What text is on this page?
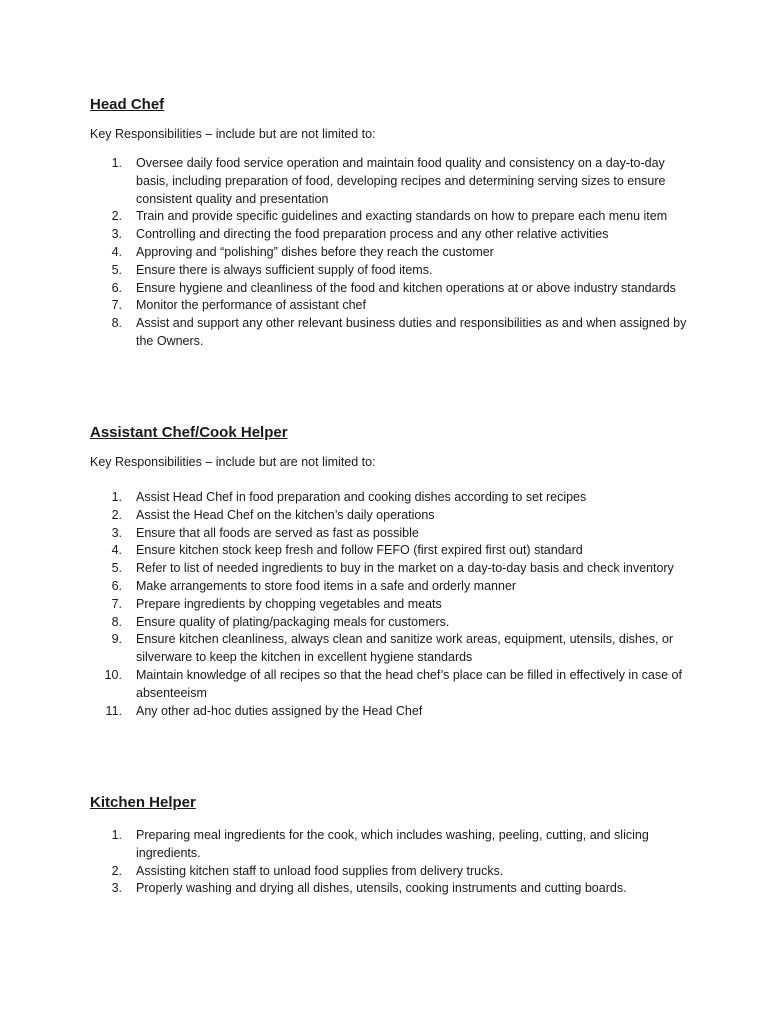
Head Chef

Key Responsibilities – include but are not limited to:

1. Oversee daily food service operation and maintain food quality and consistency on a day-to-day basis, including preparation of food, developing recipes and determining serving sizes to ensure consistent quality and presentation
2. Train and provide specific guidelines and exacting standards on how to prepare each menu item
3. Controlling and directing the food preparation process and any other relative activities
4. Approving and “polishing” dishes before they reach the customer
5. Ensure there is always sufficient supply of food items.
6. Ensure hygiene and cleanliness of the food and kitchen operations at or above industry standards
7. Monitor the performance of assistant chef
8. Assist and support any other relevant business duties and responsibilities as and when assigned by the Owners.
Assistant Chef/Cook Helper

Key Responsibilities – include but are not limited to:

1. Assist Head Chef in food preparation and cooking dishes according to set recipes
2. Assist the Head Chef on the kitchen’s daily operations
3. Ensure that all foods are served as fast as possible
4. Ensure kitchen stock keep fresh and follow FEFO (first expired first out) standard
5. Refer to list of needed ingredients to buy in the market on a day-to-day basis and check inventory
6. Make arrangements to store food items in a safe and orderly manner
7. Prepare ingredients by chopping vegetables and meats
8. Ensure quality of plating/packaging meals for customers.
9. Ensure kitchen cleanliness, always clean and sanitize work areas, equipment, utensils, dishes, or silverware to keep the kitchen in excellent hygiene standards
10. Maintain knowledge of all recipes so that the head chef’s place can be filled in effectively in case of absenteeism
11. Any other ad-hoc duties assigned by the Head Chef
Kitchen Helper
1. Preparing meal ingredients for the cook, which includes washing, peeling, cutting, and slicing ingredients.
2. Assisting kitchen staff to unload food supplies from delivery trucks.
3. Properly washing and drying all dishes, utensils, cooking instruments and cutting boards.
